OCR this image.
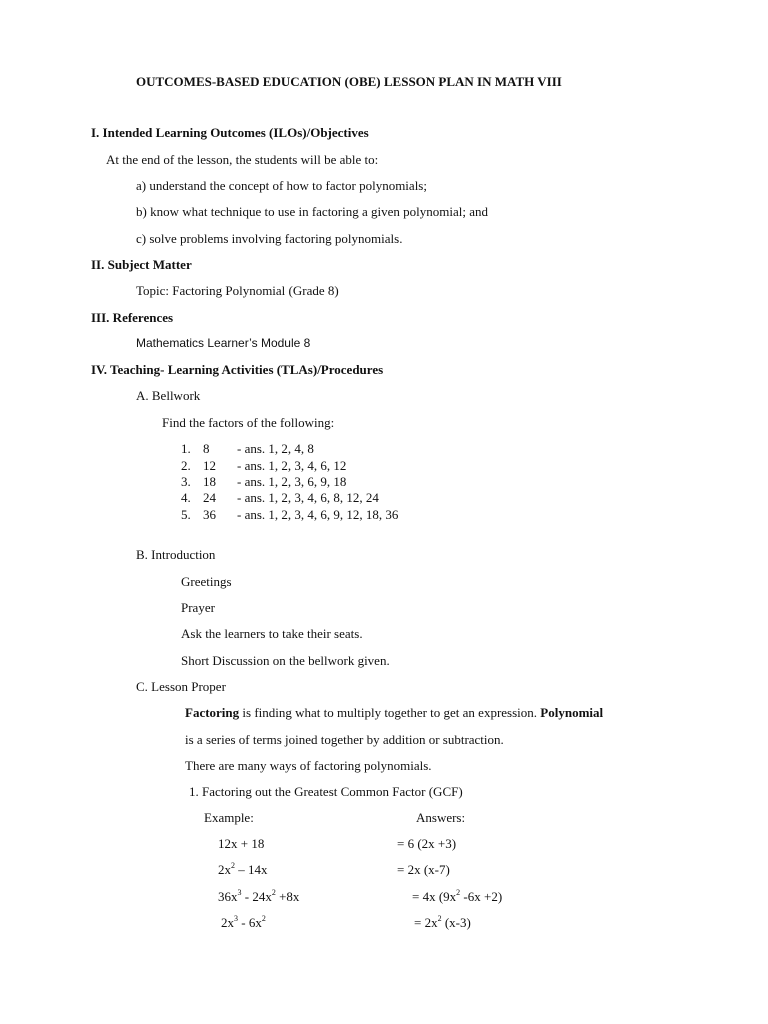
OUTCOMES-BASED EDUCATION (OBE) LESSON PLAN IN MATH VIII
I. Intended Learning Outcomes (ILOs)/Objectives
At the end of the lesson, the students will be able to:
a) understand the concept of how to factor polynomials;
b) know what technique to use in factoring a given polynomial; and
c) solve problems involving factoring polynomials.
II. Subject Matter
Topic: Factoring Polynomial (Grade 8)
III. References
Mathematics Learner’s Module 8
IV. Teaching- Learning Activities (TLAs)/Procedures
A. Bellwork
Find the factors of the following:
1. 8 - ans. 1, 2, 4, 8
2. 12 - ans. 1, 2, 3, 4, 6, 12
3. 18 - ans. 1, 2, 3, 6, 9, 18
4. 24 - ans. 1, 2, 3, 4, 6, 8, 12, 24
5. 36 - ans. 1, 2, 3, 4, 6, 9, 12, 18, 36
B. Introduction
Greetings
Prayer
Ask the learners to take their seats.
Short Discussion on the bellwork given.
C. Lesson Proper
Factoring is finding what to multiply together to get an expression. Polynomial
is a series of terms joined together by addition or subtraction.
There are many ways of factoring polynomials.
1. Factoring out the Greatest Common Factor (GCF)
Example:	Answers:
12x + 18	= 6 (2x +3)
$2x^2 - 14x$	= 2x (x-7)
$36x^3 - 24x^2 +8x$	= 4x ($9x^2$ -6x +2)
$2x^3 - 6x^2$	= $2x^2$ (x-3)
